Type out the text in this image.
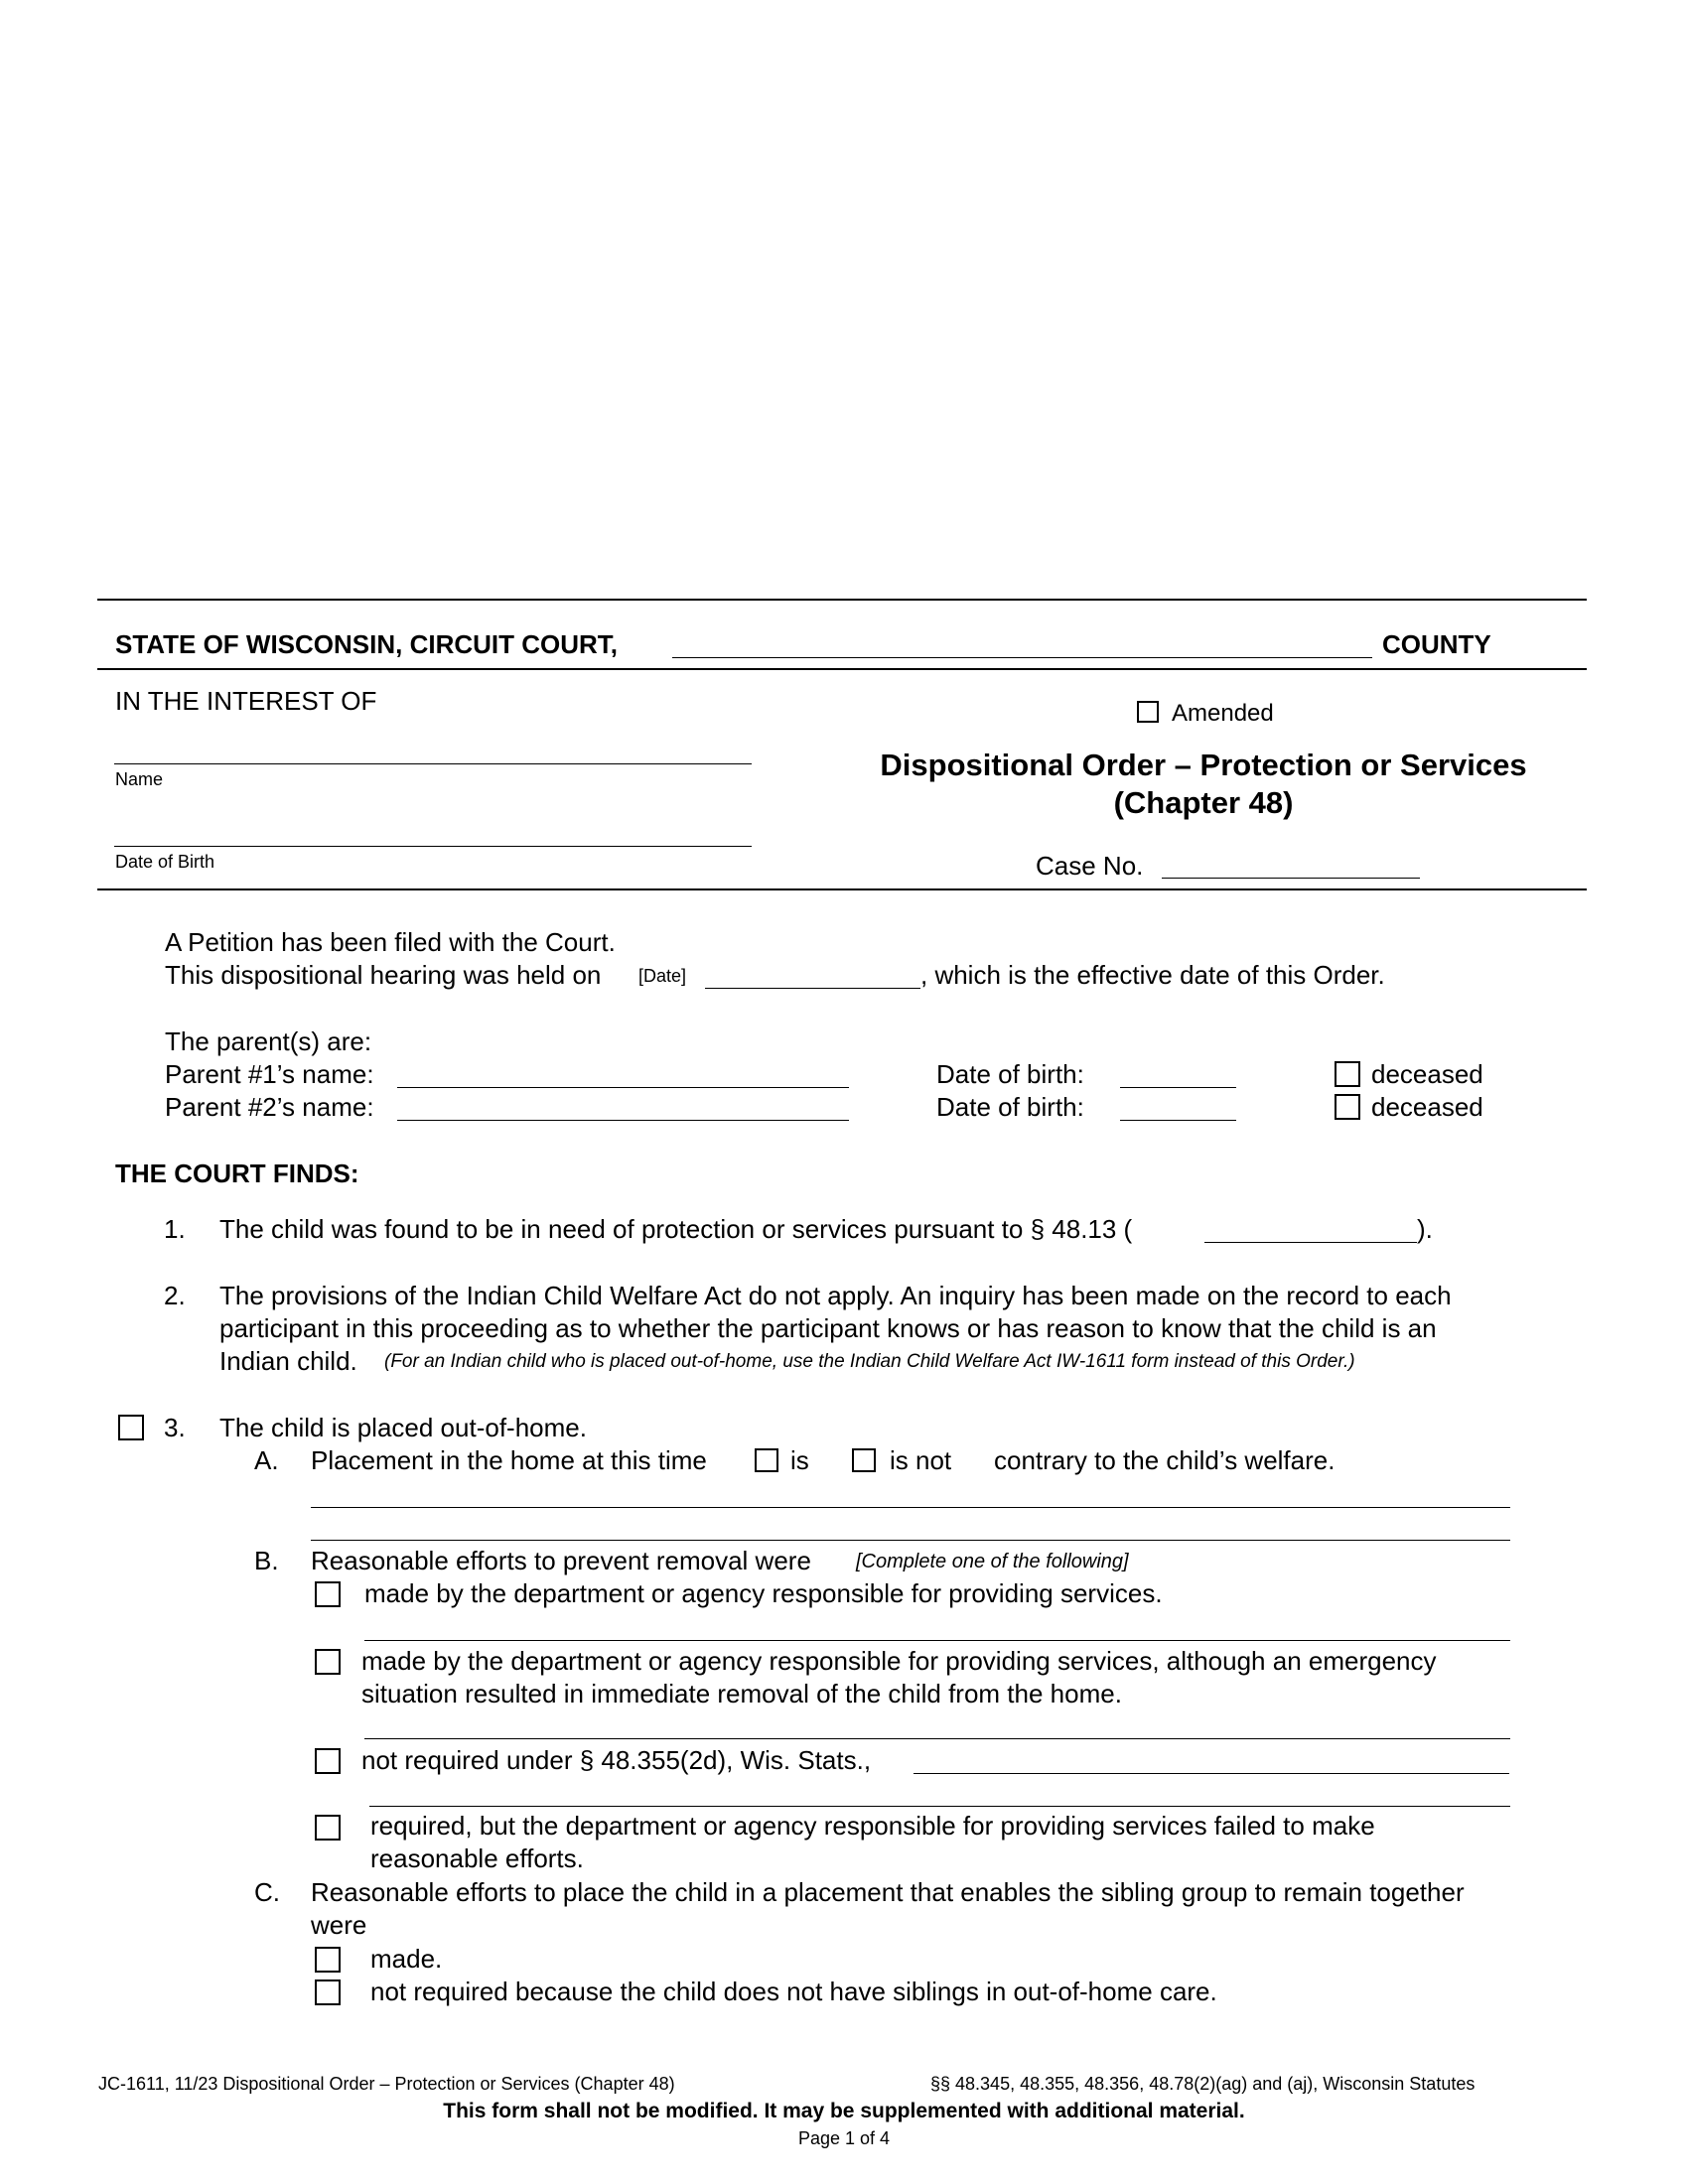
STATE OF WISCONSIN, CIRCUIT COURT,	COUNTY
IN THE INTEREST OF	Amended
Name	Dispositional Order – Protection or Services
(Chapter 48)
Date of Birth	Case No.
A Petition has been filed with the Court.
This dispositional hearing was held on [Date]	, which is the effective date of this Order.
The parent(s) are:
Parent #1’s name:	Date of birth:	deceased
Parent #2’s name:	Date of birth:	deceased
THE COURT FINDS:
1. The child was found to be in need of protection or services pursuant to § 48.13 (	).
2. The provisions of the Indian Child Welfare Act do not apply. An inquiry has been made on the record to each
participant in this proceeding as to whether the participant knows or has reason to know that the child is an
Indian child. (For an Indian child who is placed out-of-home, use the Indian Child Welfare Act IW-1611 form instead of this Order.)
3. The child is placed out-of-home.
A. Placement in the home at this time	is	is not contrary to the child’s welfare.
B. Reasonable efforts to prevent removal were [Complete one of the following]
made by the department or agency responsible for providing services.
made by the department or agency responsible for providing services, although an emergency
situation resulted in immediate removal of the child from the home.
not required under § 48.355(2d), Wis. Stats.,
required, but the department or agency responsible for providing services failed to make
reasonable efforts.
C. Reasonable efforts to place the child in a placement that enables the sibling group to remain together
were
made.
not required because the child does not have siblings in out-of-home care.
JC-1611, 11/23 Dispositional Order – Protection or Services (Chapter 48)	§§ 48.345, 48.355, 48.356, 48.78(2)(ag) and (aj), Wisconsin Statutes
This form shall not be modified. It may be supplemented with additional material.
Page 1 of 4
